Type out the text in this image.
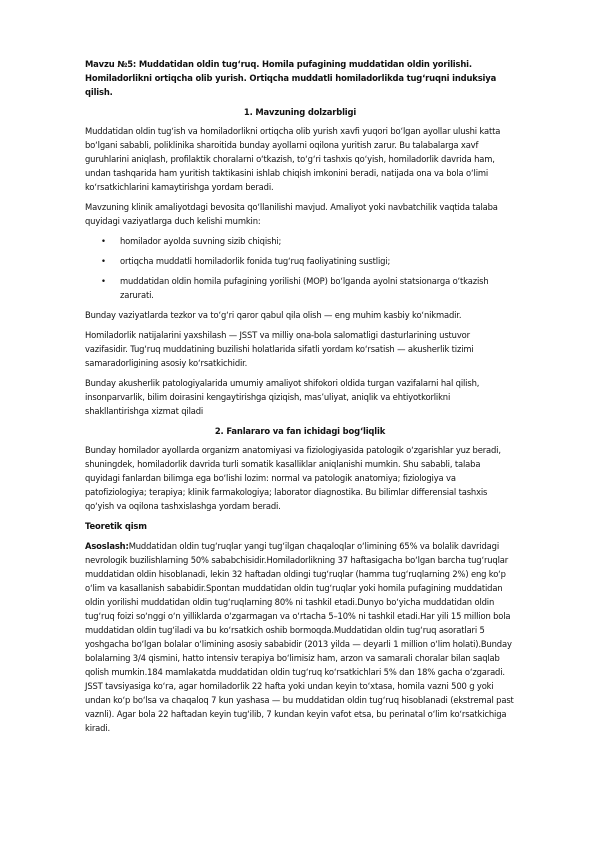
Mavzu №5: Muddatidan oldin tug‘ruq. Homila pufagining muddatidan oldin yorilishi. Homiladorlikni ortiqcha olib yurish. Ortiqcha muddatli homiladorlikda tug‘ruqni induksiya qilish.

1. Mavzuning dolzarbligi

Muddatidan oldin tug‘ish va homiladorlikni ortiqcha olib yurish xavfi yuqori bo‘lgan ayollar ulushi katta bo‘lgani sababli, poliklinika sharoitida bunday ayollarni oqilona yuritish zarur. Bu talabalarga xavf guruhlarini aniqlash, profilaktik choralarni o‘tkazish, to‘g‘ri tashxis qo‘yish, homiladorlik davrida ham, undan tashqarida ham yuritish taktikasini ishlab chiqish imkonini beradi, natijada ona va bola o‘limi ko‘rsatkichlarini kamaytirishga yordam beradi.

Mavzuning klinik amaliyotdagi bevosita qo‘llanilishi mavjud. Amaliyot yoki navbatchilik vaqtida talaba quyidagi vaziyatlarga duch kelishi mumkin:

• homilador ayolda suvning sizib chiqishi;
• ortiqcha muddatli homiladorlik fonida tug‘ruq faoliyatining sustligi;
• muddatidan oldin homila pufagining yorilishi (MOP) bo‘lganda ayolni statsionarga o‘tkazish zarurati.

Bunday vaziyatlarda tezkor va to‘g‘ri qaror qabul qila olish — eng muhim kasbiy ko‘nikmadir.

Homiladorlik natijalarini yaxshilash — JSST va milliy ona-bola salomatligi dasturlarining ustuvor vazifasidir. Tug‘ruq muddatining buzilishi holatlarida sifatli yordam ko‘rsatish — akusherlik tizimi samaradorligining asosiy ko‘rsatkichidir.

Bunday akusherlik patologiyalarida umumiy amaliyot shifokori oldida turgan vazifalarni hal qilish, insonparvarlik, bilim doirasini kengaytirishga qiziqish, mas’uliyat, aniqlik va ehtiyotkorlikni shakllantirishga xizmat qiladi

2. Fanlararo va fan ichidagi bog‘liqlik

Bunday homilador ayollarda organizm anatomiyasi va fiziologiyasida patologik o‘zgarishlar yuz beradi, shuningdek, homiladorlik davrida turli somatik kasalliklar aniqlanishi mumkin. Shu sababli, talaba quyidagi fanlardan bilimga ega bo‘lishi lozim: normal va patologik anatomiya; fiziologiya va patofiziologiya; terapiya; klinik farmakologiya; laborator diagnostika. Bu bilimlar differensial tashxis qo‘yish va oqilona tashxislashga yordam beradi.

Teoretik qism

Asoslash:Muddatidan oldin tug‘ruqlar yangi tug‘ilgan chaqaloqlar o‘limining 65% va bolalik davridagi nevrologik buzilishlarning 50% sababchisidir.Homiladorlikning 37 haftasigacha bo‘lgan barcha tug‘ruqlar muddatidan oldin hisoblanadi, lekin 32 haftadan oldingi tug‘ruqlar (hamma tug‘ruqlarning 2%) eng ko‘p o‘lim va kasallanish sababidir.Spontan muddatidan oldin tug‘ruqlar yoki homila pufagining muddatidan oldin yorilishi muddatidan oldin tug‘ruqlarning 80% ni tashkil etadi.Dunyo bo‘yicha muddatidan oldin tug‘ruq foizi so‘nggi o‘n yilliklarda o‘zgarmagan va o‘rtacha 5–10% ni tashkil etadi.Har yili 15 million bola muddatidan oldin tug‘iladi va bu ko‘rsatkich oshib bormoqda.Muddatidan oldin tug‘ruq asoratlari 5 yoshgacha bo‘lgan bolalar o‘limining asosiy sababidir (2013 yilda — deyarli 1 million o‘lim holati).Bunday bolalarning 3/4 qismini, hatto intensiv terapiya bo‘limisiz ham, arzon va samarali choralar bilan saqlab qolish mumkin.184 mamlakatda muddatidan oldin tug‘ruq ko‘rsatkichlari 5% dan 18% gacha o‘zgaradi. JSST tavsiyasiga ko‘ra, agar homiladorlik 22 hafta yoki undan keyin to‘xtasa, homila vazni 500 g yoki undan ko‘p bo‘lsa va chaqaloq 7 kun yashasa — bu muddatidan oldin tug‘ruq hisoblanadi (ekstremal past vaznli). Agar bola 22 haftadan keyin tug‘ilib, 7 kundan keyin vafot etsa, bu perinatal o‘lim ko‘rsatkichiga kiradi.
